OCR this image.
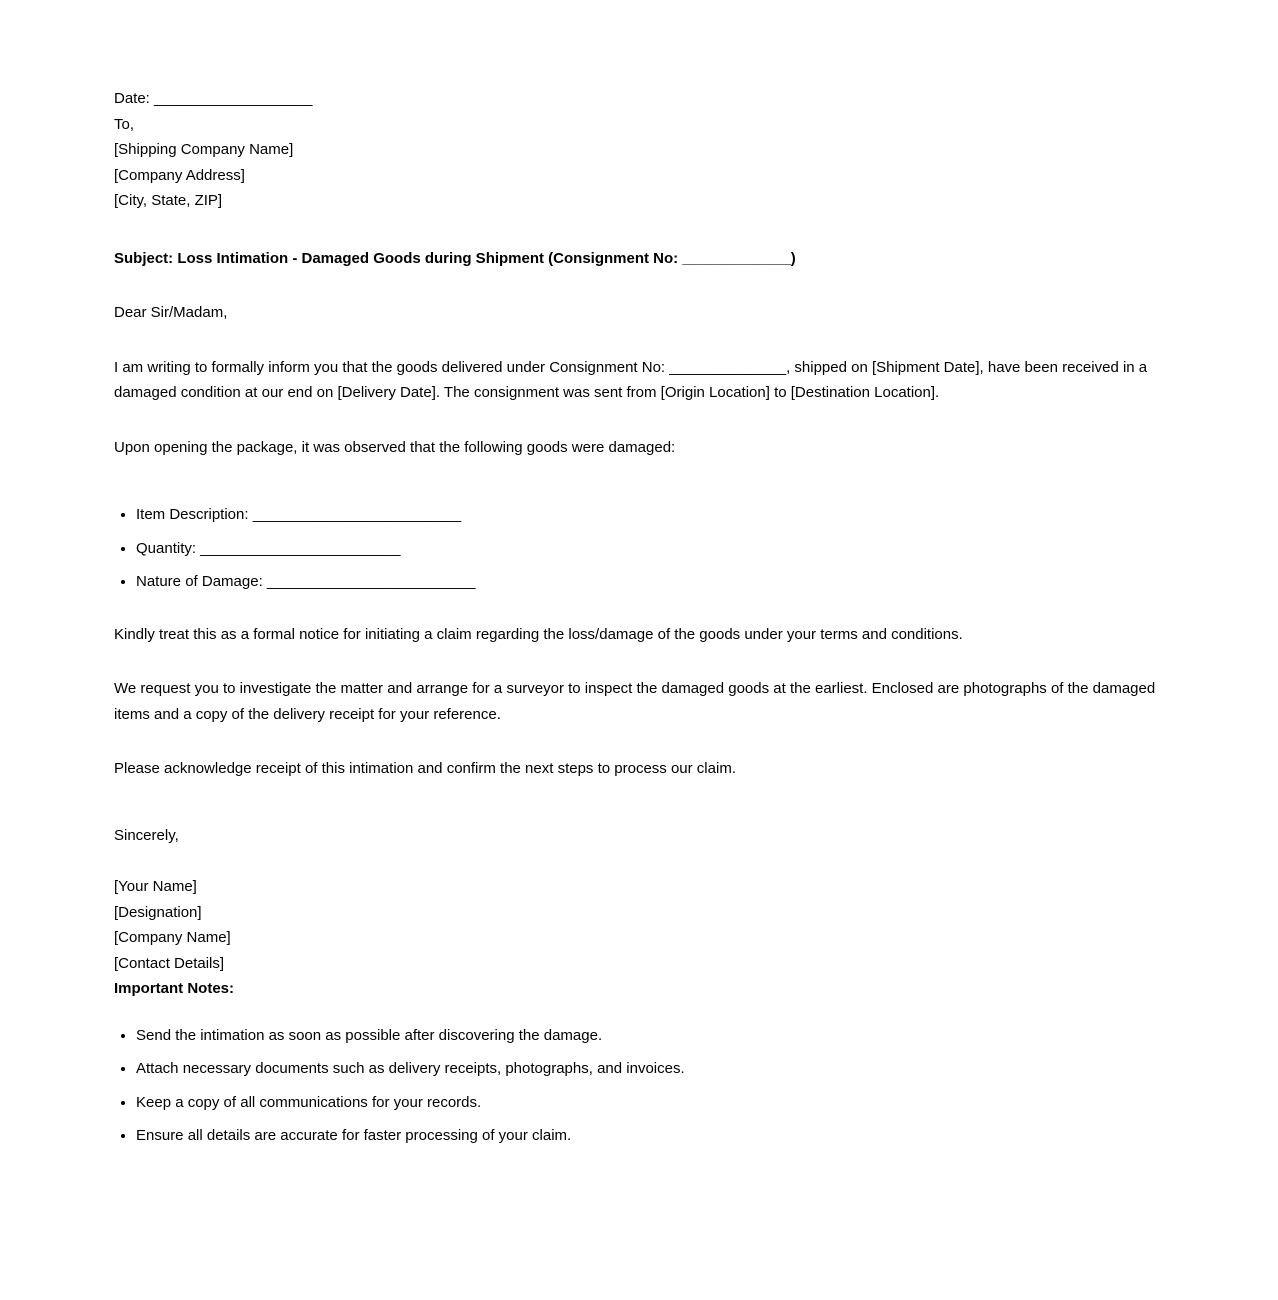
Date: ___________________

To,

[Shipping Company Name]

[Company Address]

[City, State, ZIP]

Subject: Loss Intimation - Damaged Goods during Shipment (Consignment No: _____________)

Dear Sir/Madam,

I am writing to formally inform you that the goods delivered under Consignment No: ______________, shipped on [Shipment Date], have been received in a damaged condition at our end on [Delivery Date]. The consignment was sent from [Origin Location] to [Destination Location].

Upon opening the package, it was observed that the following goods were damaged:

• Item Description: _________________________
• Quantity: ________________________
• Nature of Damage: _________________________

Kindly treat this as a formal notice for initiating a claim regarding the loss/damage of the goods under your terms and conditions.

We request you to investigate the matter and arrange for a surveyor to inspect the damaged goods at the earliest. Enclosed are photographs of the damaged items and a copy of the delivery receipt for your reference.

Please acknowledge receipt of this intimation and confirm the next steps to process our claim.

Sincerely,

[Your Name]

[Designation]

[Company Name]

[Contact Details]

Important Notes:

• Send the intimation as soon as possible after discovering the damage.
• Attach necessary documents such as delivery receipts, photographs, and invoices.
• Keep a copy of all communications for your records.
• Ensure all details are accurate for faster processing of your claim.
